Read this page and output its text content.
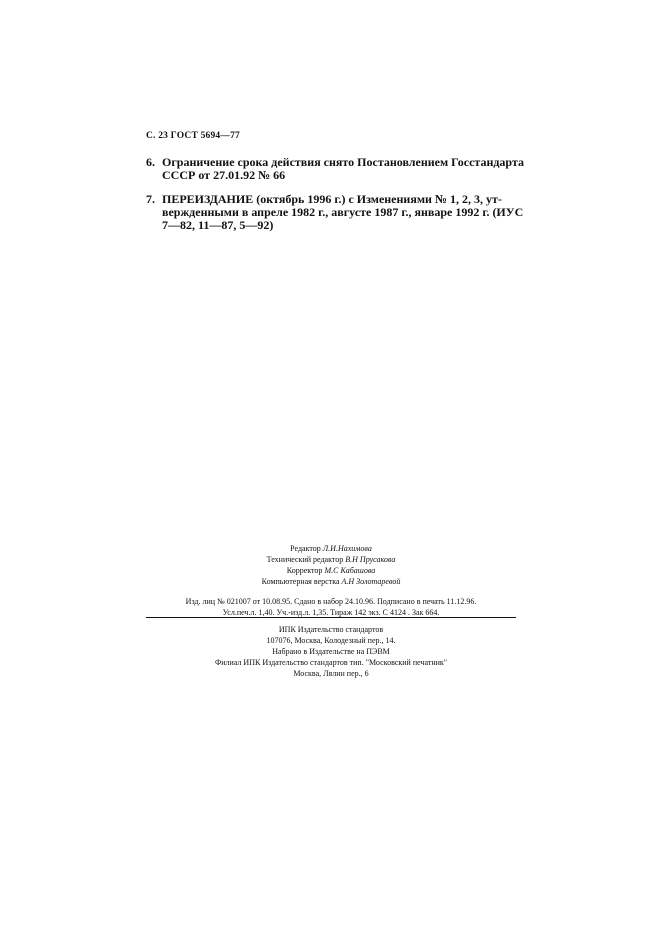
С. 23 ГОСТ 5694—77
6. Ограничение срока действия снято Постановлением Госстандарта
СССР от 27.01.92 № 66
7. ПЕРЕИЗДАНИЕ (октябрь 1996 г.) с Изменениями № 1, 2, 3, ут-
вержденными в апреле 1982 г., августе 1987 г., январе 1992 г. (ИУС
7—82, 11—87, 5—92)
Редактор Л.И.Нахимова
Технический редактор В.Н Прусакова
Корректор М.С Кабашова
Компьютерная верстка А.Н Золотаревой
Изд. лиц № 021007 от 10.08.95. Сдано в набор 24.10.96. Подписано в печать 11.12.96.
Усл.печ.л. 1,40. Уч.-изд.л. 1,35. Тираж 142 экз. С 4124 . Зак 664.
ИПК Издательство стандартов
107076, Москва, Колодезный пер., 14.
Набрано в Издательстве на ПЭВМ
Филиал ИПК Издательство стандартов тип. "Московский печатник"
Москва, Лялин пер., 6
